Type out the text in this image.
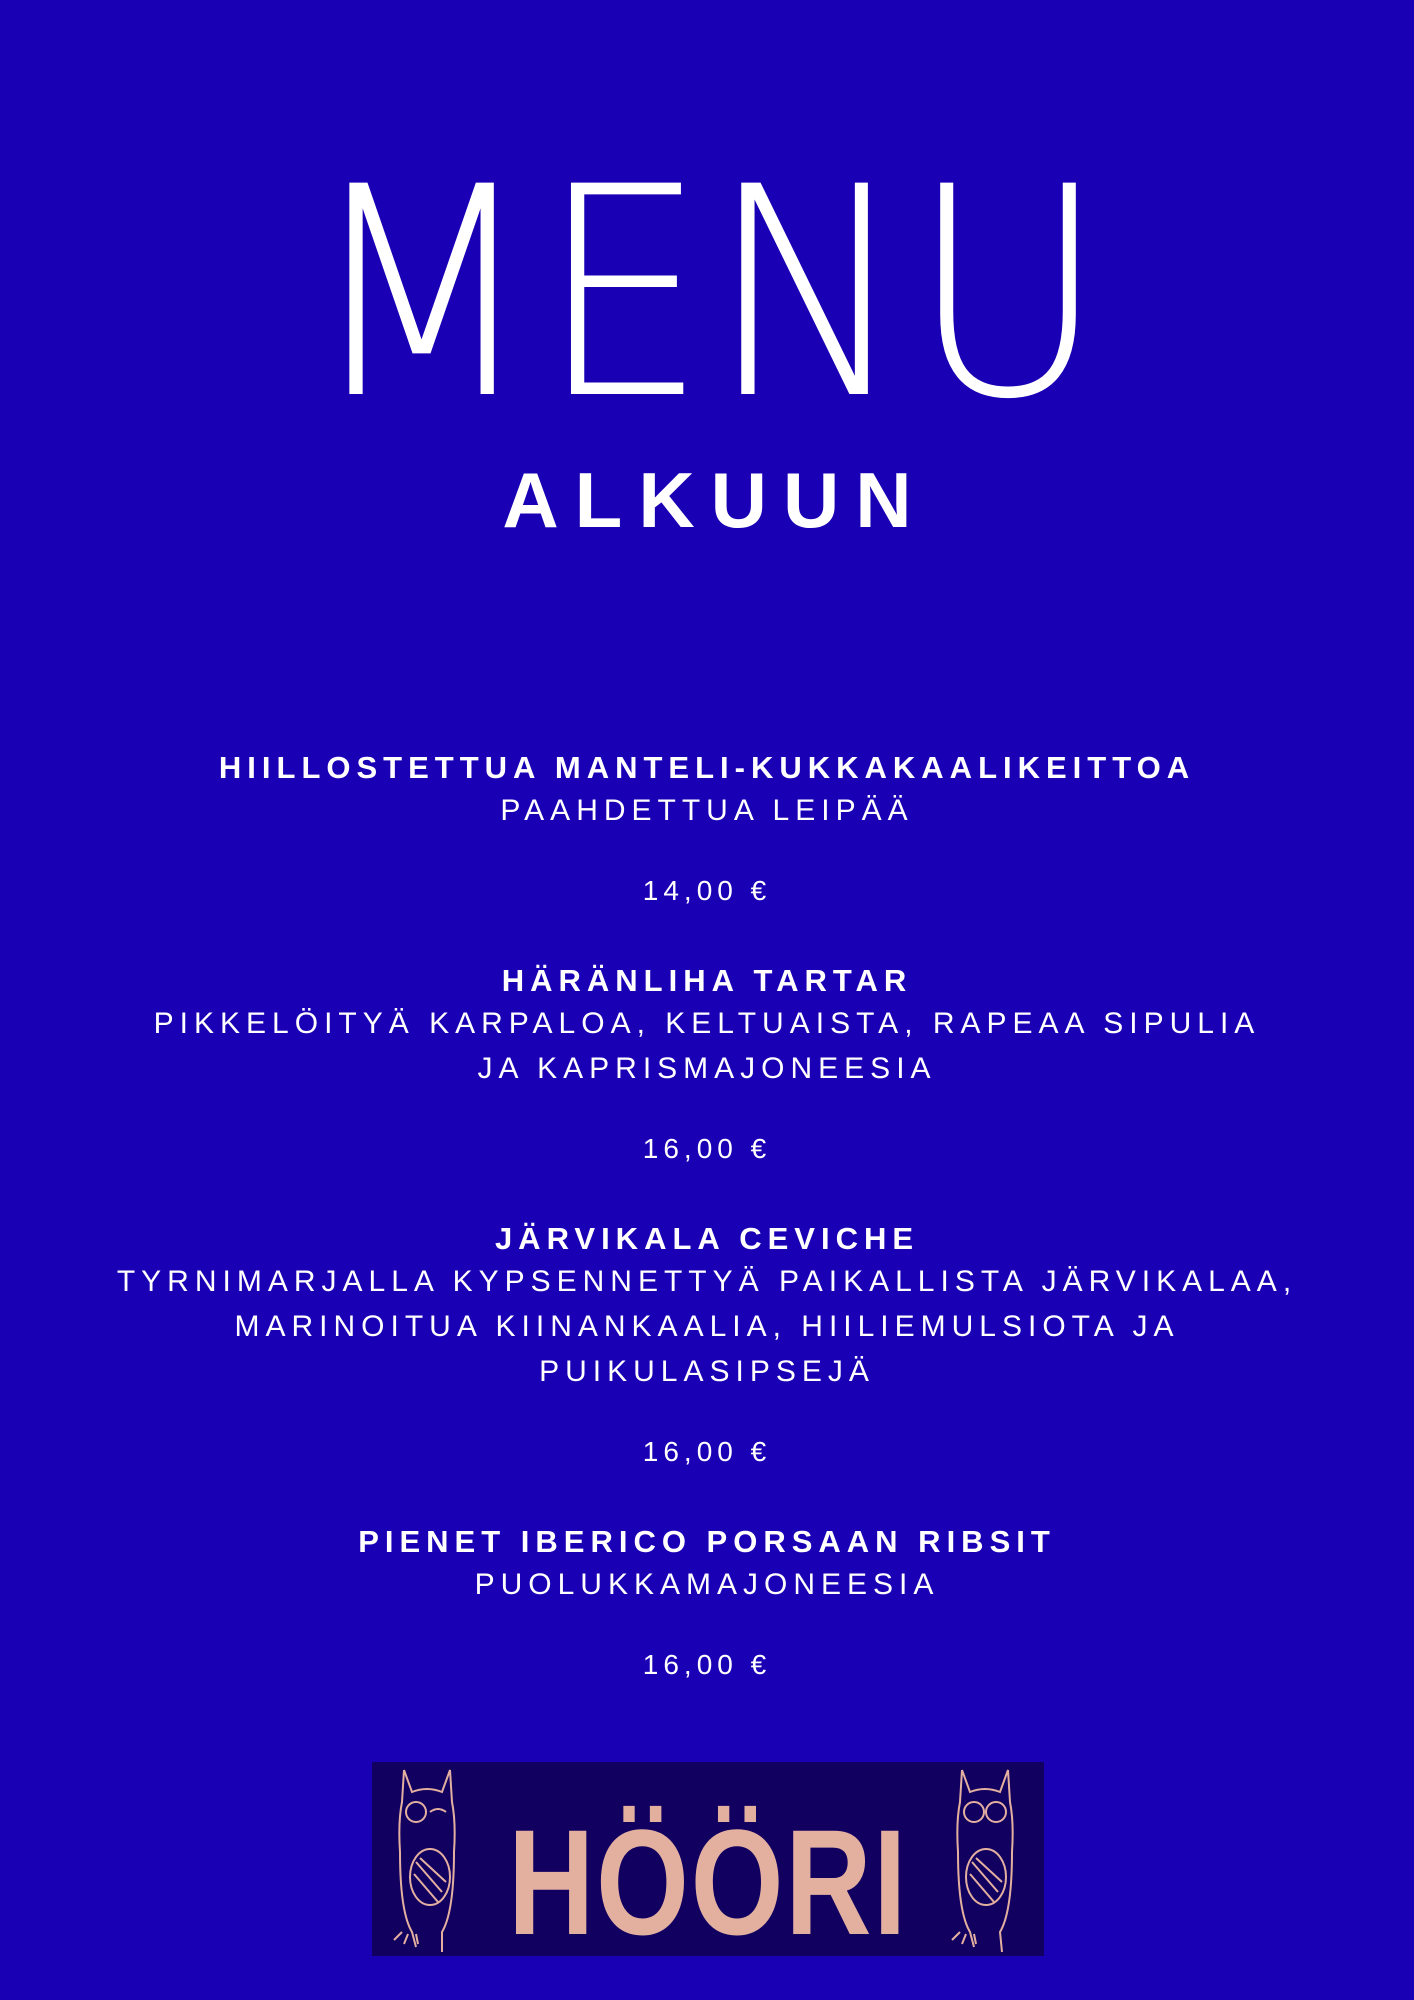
MENU
ALKUUN
HIILLOSTETTUA MANTELI-KUKKAKAALIKEITTOA
PAAHDETTUA LEIPÄÄ
14,00 €
HÄRÄNLIHA TARTAR
PIKKELÖITYÄ KARPALOA, KELTUAISTA, RAPEAA SIPULIA JA KAPRISMAJONEESIA
16,00 €
JÄRVIKALA CEVICHE
TYRNIMARJALLA KYPSENNETTYÄ PAIKALLISTA JÄRVIKALAA, MARINOITUA KIINANKAALIA, HIILIEMULSIOTA JA PUIKULASIPSEJÄ
16,00 €
PIENET IBERICO PORSAAN RIBSIT
PUOLUKKAMAJONEESIA
16,00 €
HÖÖRI
